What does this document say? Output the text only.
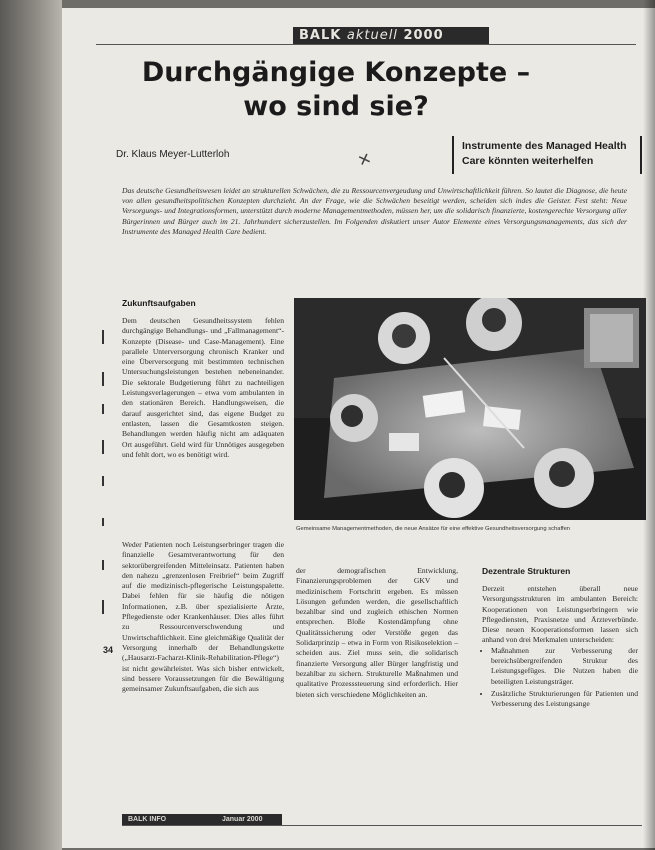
BALK aktuell 2000
Durchgängige Konzepte –
wo sind sie?
Dr. Klaus Meyer-Lutterloh	✕
Instrumente des Managed Health
Care könnten weiterhelfen
Das deutsche Gesundheitswesen leidet an strukturellen Schwächen, die zu Ressourcenvergeudung und Unwirtschaftlichkeit führen. So lautet die Diagnose, die heute von allen gesundheitspolitischen Konzepten durchzieht. An der Frage, wie die Schwächen beseitigt werden, scheiden sich indes die Geister. Fest steht: Neue Versorgungs- und Integrationsformen, unterstützt durch moderne Managementmethoden, müssen her, um die solidarisch finanzierte, kostengerechte Versorgung aller Bürgerinnen und Bürger auch im 21. Jahrhundert sicherzustellen. Im Folgenden diskutiert unser Autor Elemente eines Versorgungsmanagements, das sich der Instrumente des Managed Health Care bedient.
Zukunftsaufgaben
Dem deutschen Gesundheitssystem fehlen durchgängige Behandlungs- und „Fallmanagement“-Konzepte (Disease- und Case-Management). Eine parallele Unterversorgung chronisch Kranker und eine Überversorgung mit bestimmten technischen Untersuchungsleistungen bestehen nebeneinander. Die sektorale Budgetierung führt zu nachteiligen Leistungsverlagerungen – etwa vom ambulanten in den stationären Bereich. Handlungsweisen, die darauf ausgerichtet sind, das eigene Budget zu entlasten, lassen die Gesamtkosten steigen. Behandlungen werden häufig nicht am adäquaten Ort ausgeführt. Geld wird für Unnötiges ausgegeben und fehlt dort, wo es benötigt wird.
Weder Patienten noch Leistungserbringer tragen die finanzielle Gesamtverantwortung für den sektorübergreifenden Mitteleinsatz. Patienten haben den nahezu „grenzenlosen Freibrief“ beim Zugriff auf die medizinisch-pflegerische Leistungspalette. Dabei fehlen für sie häufig die nötigen Informationen, z.B. über spezialisierte Ärzte, Pflegedienste oder Krankenhäuser. Dies alles führt zu Ressourcenverschwendung und Unwirtschaftlichkeit. Eine gleichmäßige Qualität der Versorgung innerhalb der Behandlungskette („Hausarzt-Facharzt-Klinik-Rehabilitation-Pflege“) ist nicht gewährleistet. Was sich bisher entwickelt, sind bessere Voraussetzungen für die Bewältigung gemeinsamer Zukunftsaufgaben, die sich aus
Gemeinsame Managementmethoden, die neue Ansätze für eine effektive Gesundheitsversorgung schaffen
der demografischen Entwicklung, Finanzierungsproblemen der GKV und medizinischem Fortschritt ergeben. Es müssen Lösungen gefunden werden, die gesellschaftlich bezahlbar sind und zugleich ethischen Normen entsprechen. Bloße Kostendämpfung ohne Qualitätssicherung oder Verstöße gegen das Solidarprinzip – etwa in Form von Risikoselektion – scheiden aus. Ziel muss sein, die solidarisch finanzierte Versorgung aller Bürger langfristig und bezahlbar zu sichern. Strukturelle Maßnahmen und qualitative Prozesssteuerung sind erforderlich. Hier bieten sich verschiedene Möglichkeiten an.
Dezentrale Strukturen
Derzeit entstehen überall neue Versorgungsstrukturen im ambulanten Bereich: Kooperationen von Leistungserbringern wie Pflegediensten, Praxisnetze und Ärzteverbünde. Diese neuen Kooperationsformen lassen sich anhand von drei Merkmalen unterscheiden:
• Maßnahmen zur Verbesserung der bereichsübergreifenden Struktur des Leistungsgefüges. Die Nutzen haben die beteiligten Leistungsträger.
• Zusätzliche Strukturierungen für Patienten und Verbesserung des Leistungsange
34
BALK INFO	Januar 2000
